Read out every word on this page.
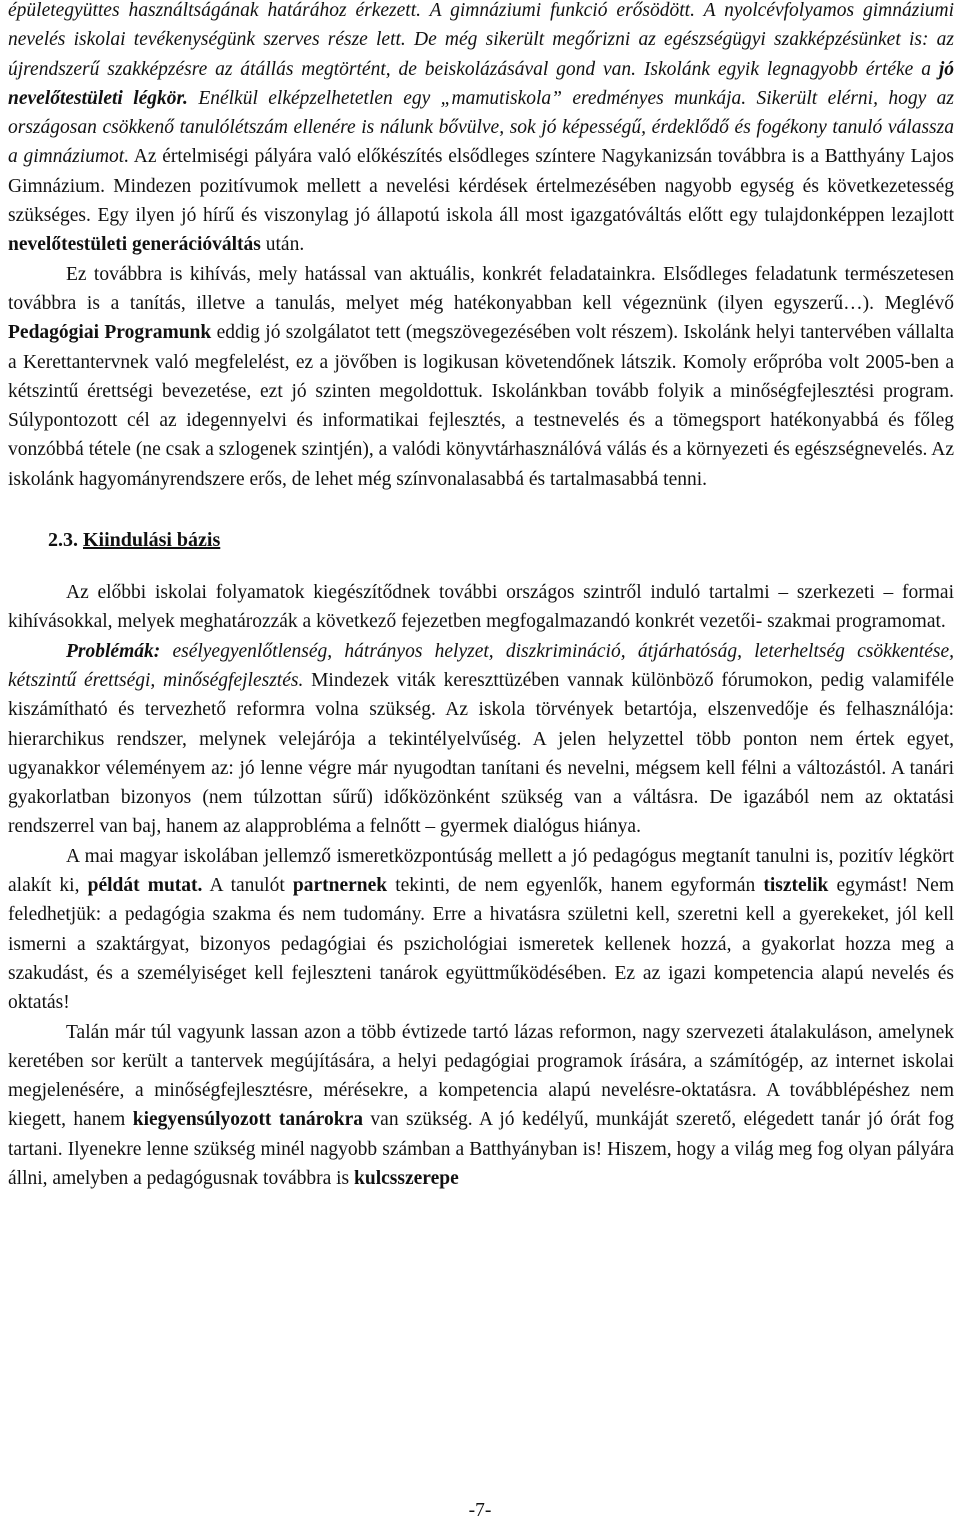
épületegyüttes használtságának határához érkezett. A gimnáziumi funkció erősödött. A nyolcévfolyamos gimnáziumi nevelés iskolai tevékenységünk szerves része lett. De még sikerült megőrizni az egészségügyi szakképzésünket is: az újrendszerű szakképzésre az átállás megtörtént, de beiskolázásával gond van. Iskolánk egyik legnagyobb értéke a jó nevelőtestületi légkör. Enélkül elképzelhetetlen egy „mamutiskola” eredményes munkája. Sikerült elérni, hogy az országosan csökkenő tanulólétszám ellenére is nálunk bővülve, sok jó képességű, érdeklődő és fogékony tanuló válassza a gimnáziumot. Az értelmiségi pályára való előkészítés elsődleges színtere Nagykanizsán továbbra is a Batthyány Lajos Gimnázium. Mindezen pozitívumok mellett a nevelési kérdések értelmezésében nagyobb egység és következetesség szükséges. Egy ilyen jó hírű és viszonylag jó állapotú iskola áll most igazgatóváltás előtt egy tulajdonképpen lezajlott nevelőtestületi generációváltás után.

Ez továbbra is kihívás, mely hatással van aktuális, konkrét feladatainkra. Elsődleges feladatunk természetesen továbbra is a tanítás, illetve a tanulás, melyet még hatékonyabban kell végeznünk (ilyen egyszerű…). Meglévő Pedagógiai Programunk eddig jó szolgálatot tett (megszövegezésében volt részem). Iskolánk helyi tantervében vállalta a Kerettantervnek való megfelelést, ez a jövőben is logikusan követendőnek látszik. Komoly erőpróba volt 2005-ben a kétszintű érettségi bevezetése, ezt jó szinten megoldottuk. Iskolánkban tovább folyik a minőségfejlesztési program. Súlypontozott cél az idegennyelvi és informatikai fejlesztés, a testnevelés és a tömegsport hatékonyabbá és főleg vonzóbbá tétele (ne csak a szlogenek szintjén), a valódi könyvtárhasználóvá válás és a környezeti és egészségnevelés. Az iskolánk hagyományrendszere erős, de lehet még színvonalasabbá és tartalmasabbá tenni.

2.3. Kiindulási bázis

Az előbbi iskolai folyamatok kiegészítődnek további országos szintről induló tartalmi – szerkezeti – formai kihívásokkal, melyek meghatározzák a következő fejezetben megfogalmazandó konkrét vezetői- szakmai programomat.

Problémák: esélyegyenlőtlenség, hátrányos helyzet, diszkrimináció, átjárhatóság, leterheltség csökkentése, kétszintű érettségi, minőségfejlesztés. Mindezek viták kereszttüzében vannak különböző fórumokon, pedig valamiféle kiszámítható és tervezhető reformra volna szükség. Az iskola törvények betartója, elszenvedője és felhasználója: hierarchikus rendszer, melynek velejárója a tekintélyelvűség. A jelen helyzettel több ponton nem értek egyet, ugyanakkor véleményem az: jó lenne végre már nyugodtan tanítani és nevelni, mégsem kell félni a változástól. A tanári gyakorlatban bizonyos (nem túlzottan sűrű) időközönként szükség van a váltásra. De igazából nem az oktatási rendszerrel van baj, hanem az alapprobléma a felnőtt – gyermek dialógus hiánya.

A mai magyar iskolában jellemző ismeretközpontúság mellett a jó pedagógus megtanít tanulni is, pozitív légkört alakít ki, példát mutat. A tanulót partnernek tekinti, de nem egyenlők, hanem egyformán tisztelik egymást! Nem feledhetjük: a pedagógia szakma és nem tudomány. Erre a hivatásra születni kell, szeretni kell a gyerekeket, jól kell ismerni a szaktárgyat, bizonyos pedagógiai és pszichológiai ismeretek kellenek hozzá, a gyakorlat hozza meg a szakudást, és a személyiséget kell fejleszteni tanárok együttműködésében. Ez az igazi kompetencia alapú nevelés és oktatás!

Talán már túl vagyunk lassan azon a több évtizede tartó lázas reformon, nagy szervezeti átalakuláson, amelynek keretében sor került a tantervek megújítására, a helyi pedagógiai programok írására, a számítógép, az internet iskolai megjelenésére, a minőségfejlesztésre, mérésekre, a kompetencia alapú nevelésre-oktatásra. A továbblépéshez nem kiegett, hanem kiegyensúlyozott tanárokra van szükség. A jó kedélyű, munkáját szerető, elégedett tanár jó órát fog tartani. Ilyenekre lenne szükség minél nagyobb számban a Batthyányban is! Hiszem, hogy a világ meg fog olyan pályára állni, amelyben a pedagógusnak továbbra is kulcsszerepe

-7-
